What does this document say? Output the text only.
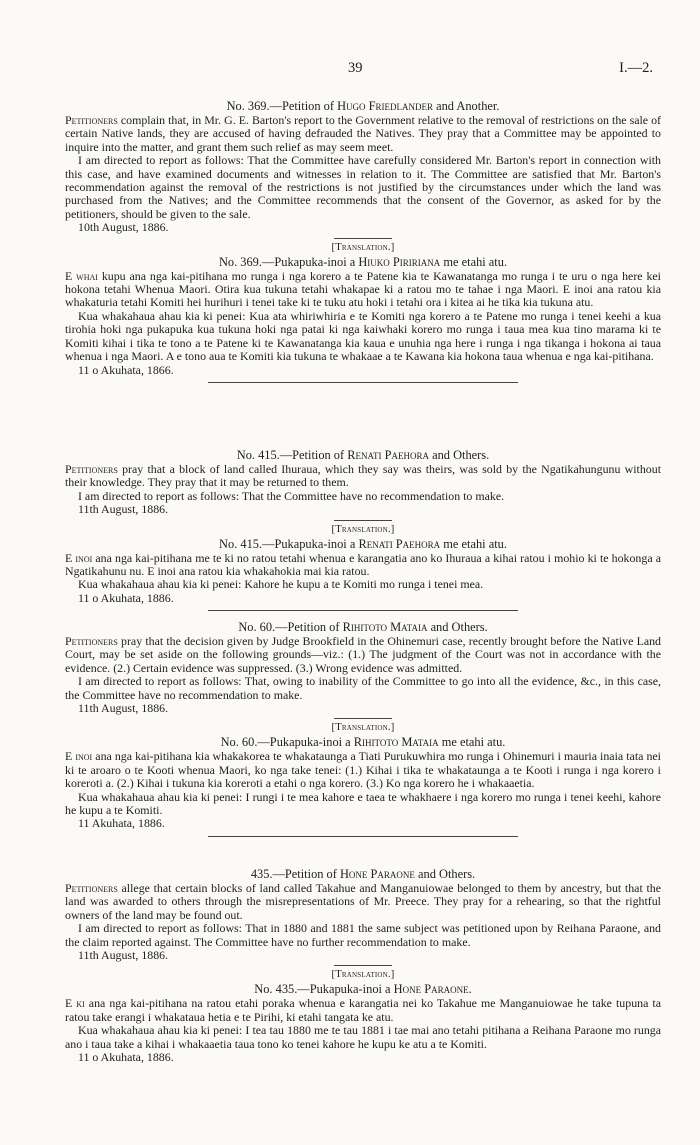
39	I.—2.
No. 369.—Petition of Hugo Friedlander and Another.

Petitioners complain that, in Mr. G. E. Barton's report to the Government relative to the removal of restrictions on the sale of certain Native lands, they are accused of having defrauded the Natives. They pray that a Committee may be appointed to inquire into the matter, and grant them such relief as may seem meet.

I am directed to report as follows: That the Committee have carefully considered Mr. Barton's report in connection with this case, and have examined documents and witnesses in relation to it. The Committee are satisfied that Mr. Barton's recommendation against the removal of the restrictions is not justified by the circumstances under which the land was purchased from the Natives; and the Committee recommends that the consent of the Governor, as asked for by the petitioners, should be given to the sale.

10th August, 1886.
[Translation.]
No. 369.—Pukapuka-inoi a Hiuko Piririana me etahi atu.

E whai kupu ana nga kai-pitihana mo runga i nga korero a te Patene kia te Kawanatanga mo runga i te uru o nga here kei hokona tetahi Whenua Maori. Otira kua tukuna tetahi whakapae ki a ratou mo te tahae i nga Maori. E inoi ana ratou kia whakaturia tetahi Komiti hei hurihuri i tenei take ki te tuku atu hoki i tetahi ora i kitea ai he tika kia tukuna atu.

Kua whakahaua ahau kia ki penei: Kua ata whiriwhiria e te Komiti nga korero a te Patene mo runga i tenei keehi a kua tirohia hoki nga pukapuka kua tukuna hoki nga patai ki nga kaiwhaki korero mo runga i taua mea kua tino marama ki te Komiti kihai i tika te tono a te Patene ki te Kawanatanga kia kaua e unuhia nga here i runga i nga tikanga i hokona ai taua whenua i nga Maori. A e tono aua te Komiti kia tukuna te whakaae a te Kawana kia hokona taua whenua e nga kai-pitihana.

11 o Akuhata, 1866.
No. 415.—Petition of Renati Paehora and Others.

Petitioners pray that a block of land called Ihuraua, which they say was theirs, was sold by the Ngatikahungunu without their knowledge. They pray that it may be returned to them.

I am directed to report as follows: That the Committee have no recommendation to make.

11th August, 1886.
[Translation.]
No. 415.—Pukapuka-inoi a Renati Paehora me etahi atu.

E inoi ana nga kai-pitihana me te ki no ratou tetahi whenua e karangatia ano ko Ihuraua a kihai ratou i mohio ki te hokonga a Ngatikahunu nu. E inoi ana ratou kia whakahokia mai kia ratou.

Kua whakahaua ahau kia ki penei: Kahore he kupu a te Komiti mo runga i tenei mea.

11 o Akuhata, 1886.
No. 60.—Petition of Rihitoto Mataia and Others.

Petitioners pray that the decision given by Judge Brookfield in the Ohinemuri case, recently brought before the Native Land Court, may be set aside on the following grounds—viz.: (1.) The judgment of the Court was not in accordance with the evidence. (2.) Certain evidence was suppressed. (3.) Wrong evidence was admitted.

I am directed to report as follows: That, owing to inability of the Committee to go into all the evidence, &c., in this case, the Committee have no recommendation to make.

11th August, 1886.
[Translation.]
No. 60.—Pukapuka-inoi a Rihitoto Mataia me etahi atu.

E inoi ana nga kai-pitihana kia whakakorea te whakataunga a Tiati Purukuwhira mo runga i Ohinemuri i mauria inaia tata nei ki te aroaro o te Kooti whenua Maori, ko nga take tenei: (1.) Kihai i tika te whakataunga a te Kooti i runga i nga korero i koreroti a. (2.) Kihai i tukuna kia koreroti a etahi o nga korero. (3.) Ko nga korero he i whakaaetia.

Kua whakahaua ahau kia ki penei: I rungi i te mea kahore e taea te whakhaere i nga korero mo runga i tenei keehi, kahore he kupu a te Komiti.

11 Akuhata, 1886.
435.—Petition of Hone Paraone and Others.

Petitioners allege that certain blocks of land called Takahue and Manganuiowae belonged to them by ancestry, but that the land was awarded to others through the misrepresentations of Mr. Preece. They pray for a rehearing, so that the rightful owners of the land may be found out.

I am directed to report as follows: That in 1880 and 1881 the same subject was petitioned upon by Reihana Paraone, and the claim reported against. The Committee have no further recommendation to make.

11th August, 1886.
[Translation.]
No. 435.—Pukapuka-inoi a Hone Paraone.

E ki ana nga kai-pitihana na ratou etahi poraka whenua e karangatia nei ko Takahue me Manganuiowae he take tupuna ta ratou take erangi i whakataua hetia e te Pirihi, ki etahi tangata ke atu.

Kua whakahaua ahau kia ki penei: I tea tau 1880 me te tau 1881 i tae mai ano tetahi pitihana a Reihana Paraone mo runga ano i taua take a kihai i whakaaetia taua tono ko tenei kahore he kupu ke atu a te Komiti.

11 o Akuhata, 1886.
